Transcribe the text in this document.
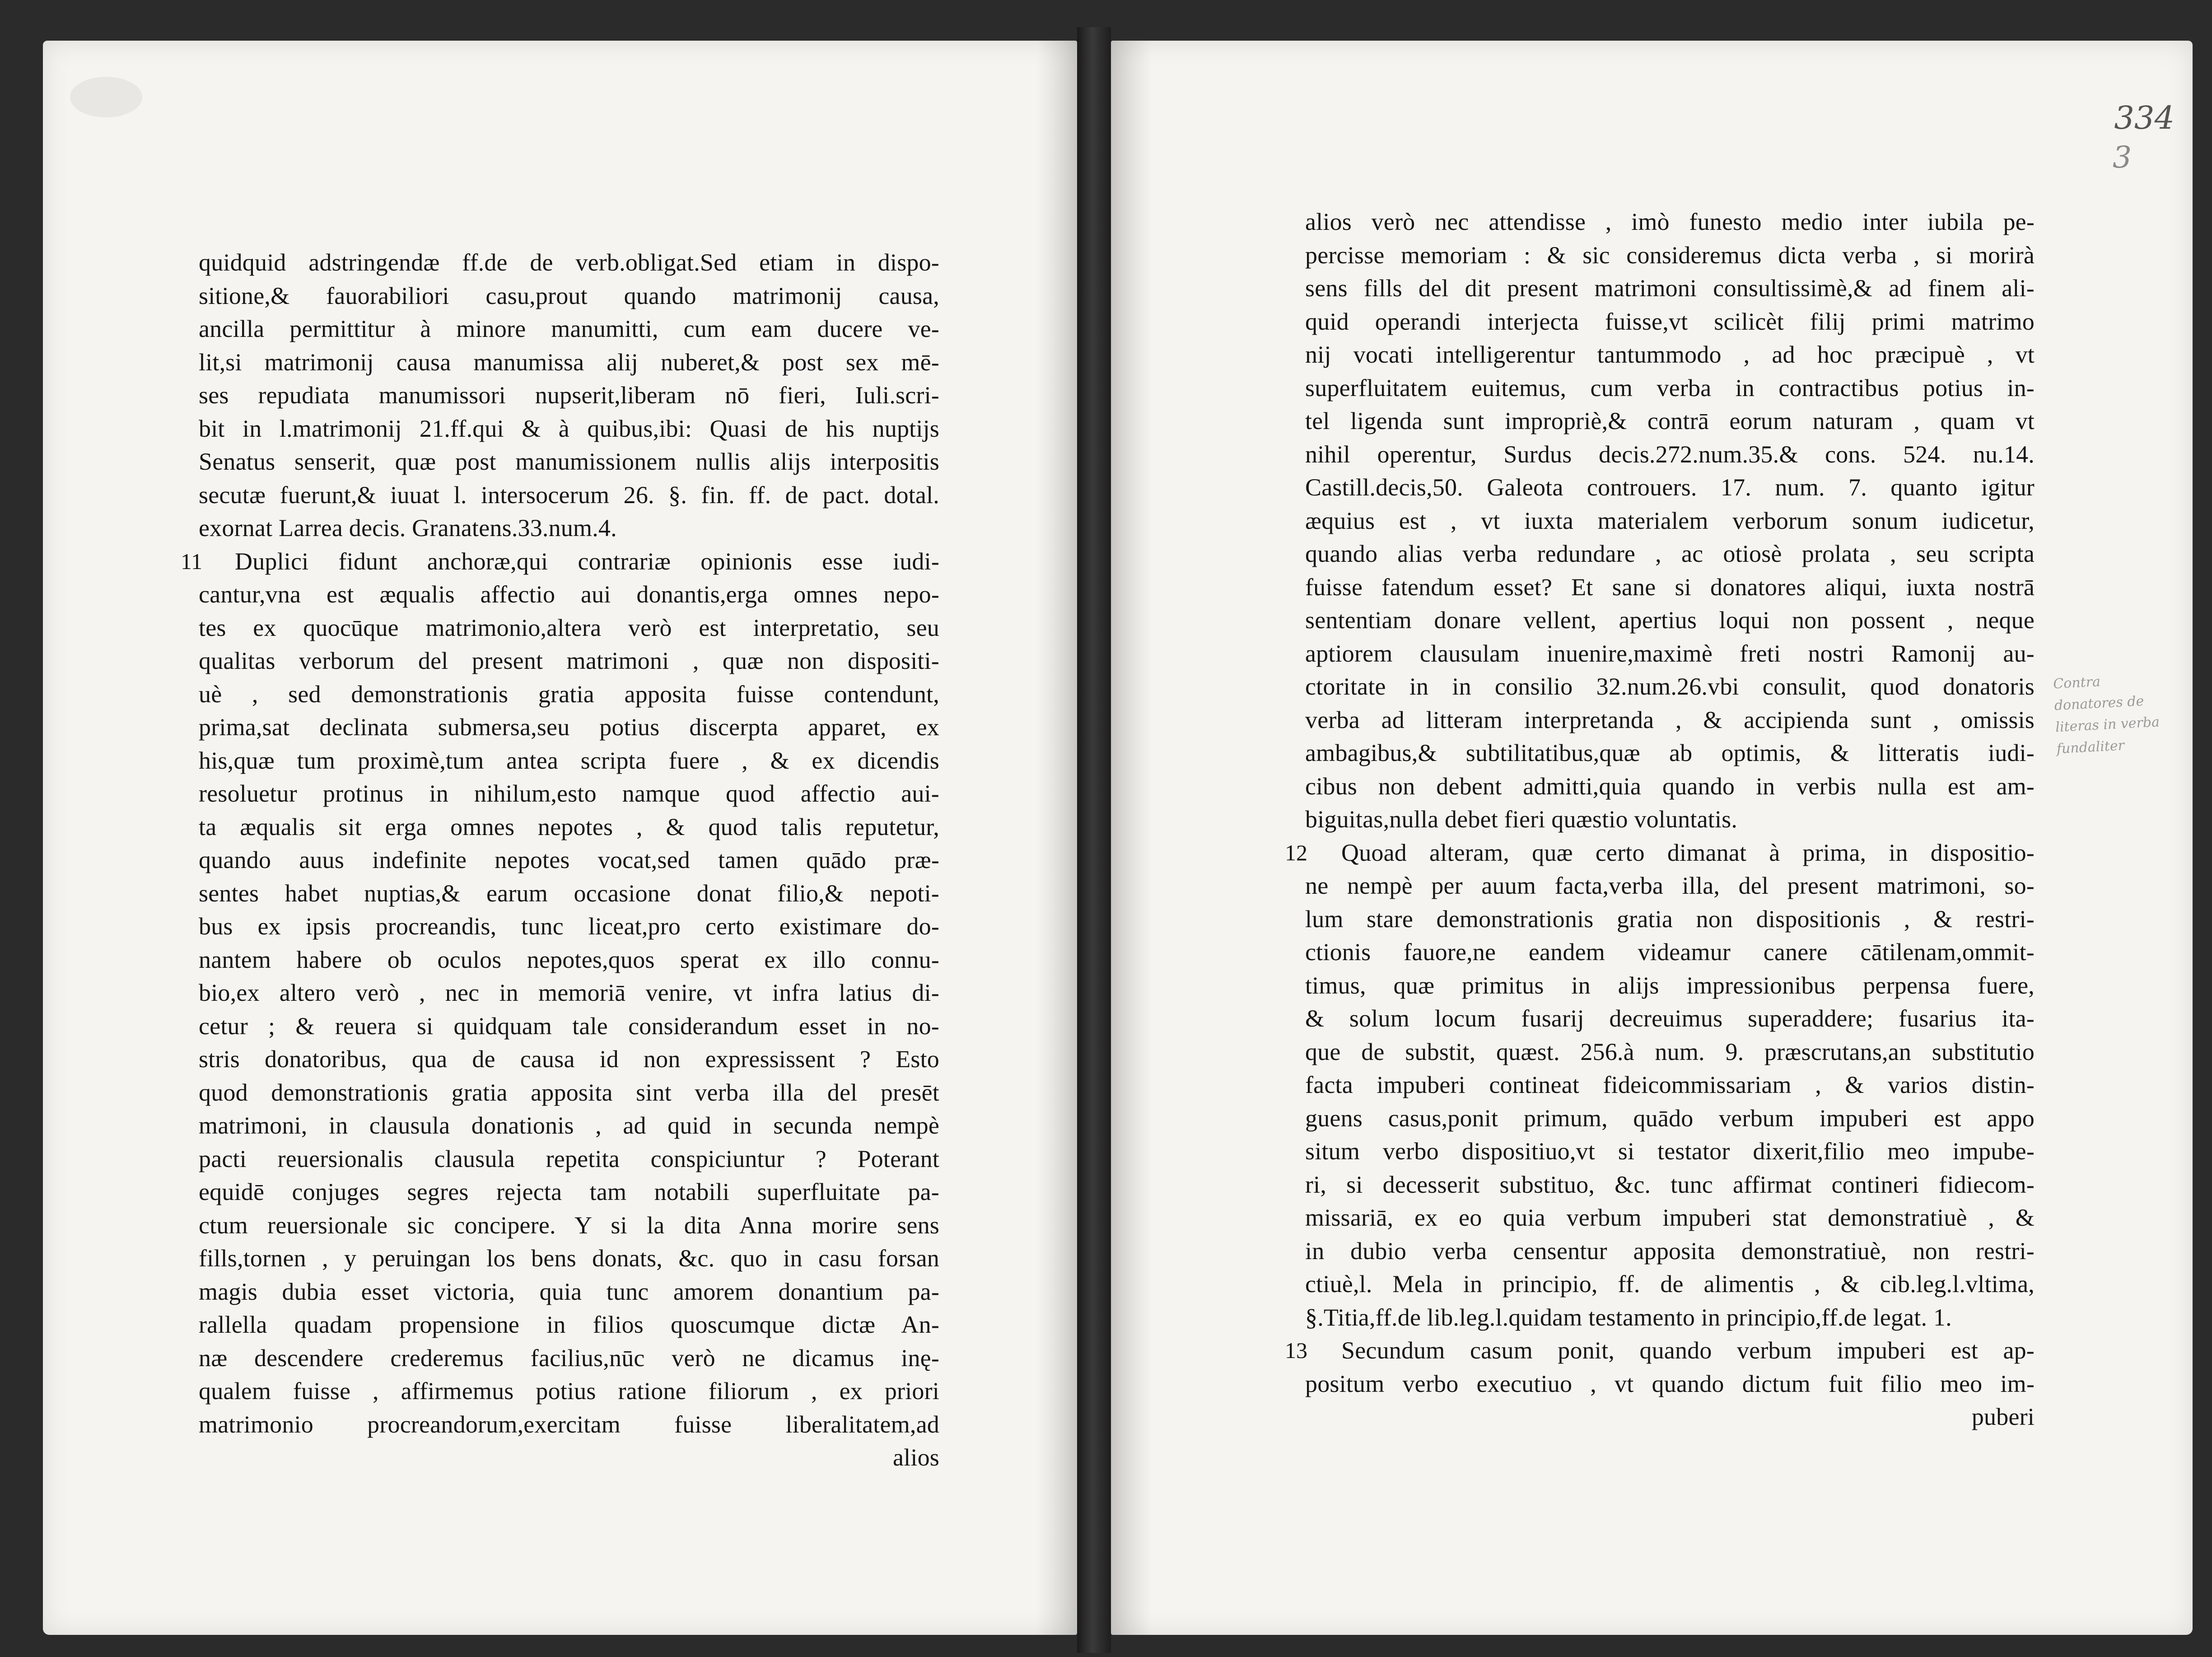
quidquid adstringendæ ff.de de verb.obligat.Sed etiam in dispo-
sitione,& fauorabiliori casu,prout quando matrimonij causa,
ancilla permittitur à minore manumitti, cum eam ducere ve-
lit,si matrimonij causa manumissa alij nuberet,& post sex mē-
ses repudiata manumissori nupserit,liberam nō fieri, Iuli.scri-
bit in l.matrimonij 21.ff.qui & à quibus,ibi: Quasi de his nuptijs
Senatus senserit, quæ post manumissionem nullis alijs interpositis
secutæ fuerunt,& iuuat l. intersocerum 26. §. fin. ff. de pact. dotal.
exornat Larrea decis. Granatens.33.num.4.
Duplici fidunt anchoræ,qui contrariæ opinionis esse iudi-
cantur,vna est æqualis affectio aui donantis,erga omnes nepo-
tes ex quocūque matrimonio,altera verò est interpretatio, seu
qualitas verborum del present matrimoni , quæ non dispositi-
uè , sed demonstrationis gratia apposita fuisse contendunt,
prima,sat declinata submersa,seu potius discerpta apparet, ex
his,quæ tum proximè,tum antea scripta fuere , & ex dicendis
resoluetur protinus in nihilum,esto namque quod affectio aui-
ta æqualis sit erga omnes nepotes , & quod talis reputetur,
quando auus indefinite nepotes vocat,sed tamen quādo præ-
sentes habet nuptias,& earum occasione donat filio,& nepoti-
bus ex ipsis procreandis, tunc liceat,pro certo existimare do-
nantem habere ob oculos nepotes,quos sperat ex illo connu-
bio,ex altero verò , nec in memoriā venire, vt infra latius di-
cetur ; & reuera si quidquam tale considerandum esset in no-
stris donatoribus, qua de causa id non expressissent ? Esto
quod demonstrationis gratia apposita sint verba illa del presēt
matrimoni, in clausula donationis , ad quid in secunda nempè
pacti reuersionalis clausula repetita conspiciuntur ? Poterant
equidē conjuges segres rejecta tam notabili superfluitate pa-
ctum reuersionale sic concipere. Y si la dita Anna morire sens
fills,tornen , y peruingan los bens donats, &c. quo in casu forsan
magis dubia esset victoria, quia tunc amorem donantium pa-
rallella quadam propensione in filios quoscumque dictæ An-
næ descendere crederemus facilius,nūc verò ne dicamus inę-
qualem fuisse , affirmemus potius ratione filiorum , ex priori
matrimonio procreandorum,exercitam fuisse liberalitatem,ad
alios
11
334
3
Contra donatores de literas in verba fundaliter
alios verò nec attendisse , imò funesto medio inter iubila pe-
percisse memoriam : & sic consideremus dicta verba , si morirà
sens fills del dit present matrimoni consultissimè,& ad finem ali-
quid operandi interjecta fuisse,vt scilicèt filij primi matrimo
nij vocati intelligerentur tantummodo , ad hoc præcipuè , vt
superfluitatem euitemus, cum verba in contractibus potius in-
tel ligenda sunt impropriè,& contrā eorum naturam , quam vt
nihil operentur, Surdus decis.272.num.35.& cons. 524. nu.14.
Castill.decis,50. Galeota controuers. 17. num. 7. quanto igitur
æquius est , vt iuxta materialem verborum sonum iudicetur,
quando alias verba redundare , ac otiosè prolata , seu scripta
fuisse fatendum esset? Et sane si donatores aliqui, iuxta nostrā
sententiam donare vellent, apertius loqui non possent , neque
aptiorem clausulam inuenire,maximè freti nostri Ramonij au-
ctoritate in in consilio 32.num.26.vbi consulit, quod donatoris
verba ad litteram interpretanda , & accipienda sunt , omissis
ambagibus,& subtilitatibus,quæ ab optimis, & litteratis iudi-
cibus non debent admitti,quia quando in verbis nulla est am-
biguitas,nulla debet fieri quæstio voluntatis.
Quoad alteram, quæ certo dimanat à prima, in dispositio-
ne nempè per auum facta,verba illa, del present matrimoni, so-
lum stare demonstrationis gratia non dispositionis , & restri-
ctionis fauore,ne eandem videamur canere cātilenam,ommit-
timus, quæ primitus in alijs impressionibus perpensa fuere,
& solum locum fusarij decreuimus superaddere; fusarius ita-
que de substit, quæst. 256.à num. 9. præscrutans,an substitutio
facta impuberi contineat fideicommissariam , & varios distin-
guens casus,ponit primum, quādo verbum impuberi est appo
situm verbo dispositiuo,vt si testator dixerit,filio meo impube-
ri, si decesserit substituo, &c. tunc affirmat contineri fidiecom-
missariā, ex eo quia verbum impuberi stat demonstratiuè , &
in dubio verba censentur apposita demonstratiuè, non restri-
ctiuè,l. Mela in principio, ff. de alimentis , & cib.leg.l.vltima,
§.Titia,ff.de lib.leg.l.quidam testamento in principio,ff.de legat. 1.
Secundum casum ponit, quando verbum impuberi est ap-
positum verbo executiuo , vt quando dictum fuit filio meo im-
puberi
12
13
